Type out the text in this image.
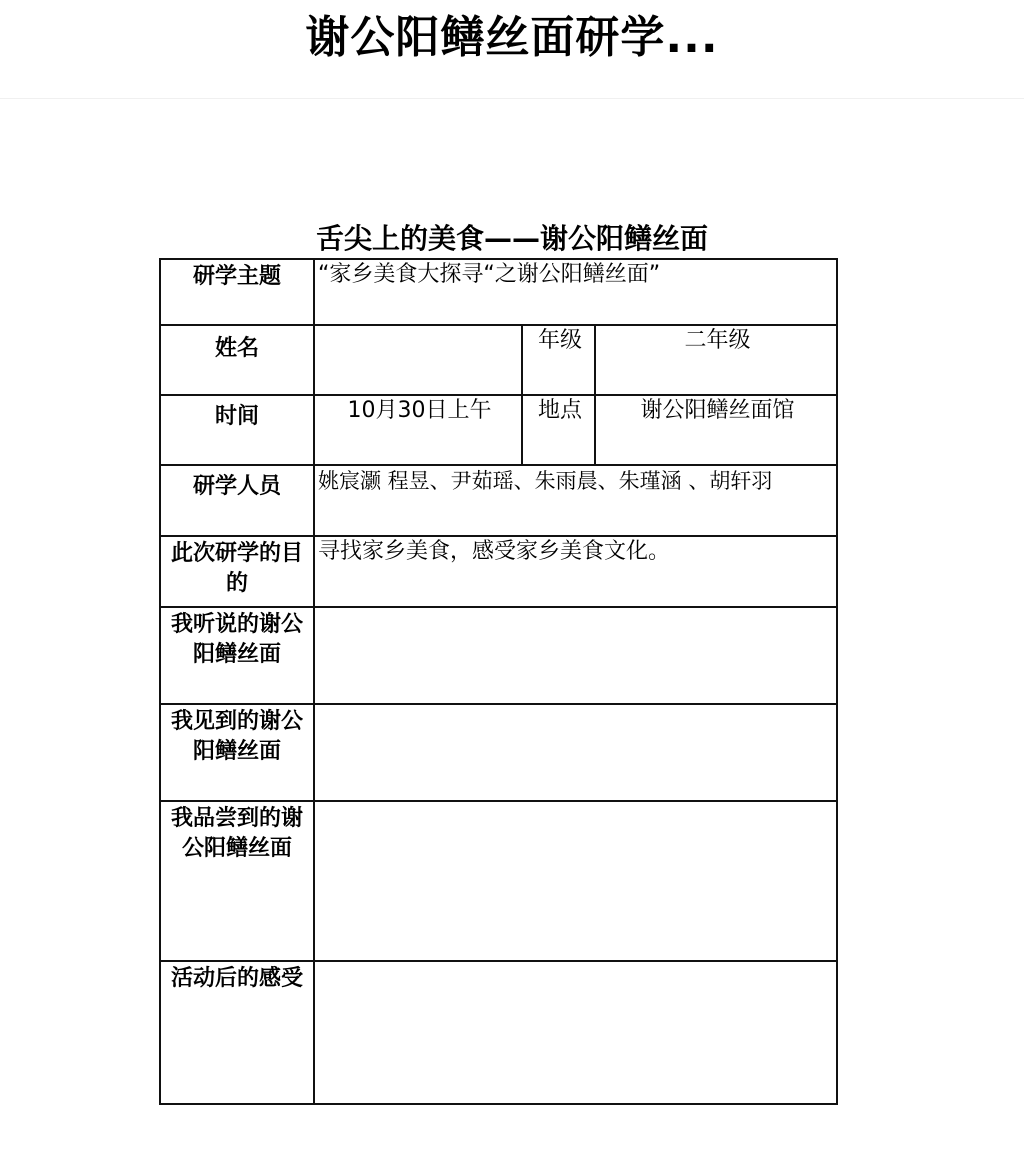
谢公阳鳝丝面研学...
舌尖上的美食——谢公阳鳝丝面
研学主题	“家乡美食大探寻“之谢公阳鳝丝面”		

姓名		年级	二年级

时间	10月30日上午	地点	谢公阳鳝丝面馆

研学人员	姚宸灏 程昱、尹茹瑶、朱雨晨、朱瑾涵 、胡轩羽		

此次研学的目的	寻找家乡美食，感受家乡美食文化。		

我听说的谢公阳鳝丝面			

我见到的谢公阳鳝丝面			

我品尝到的谢公阳鳝丝面			

活动后的感受			
